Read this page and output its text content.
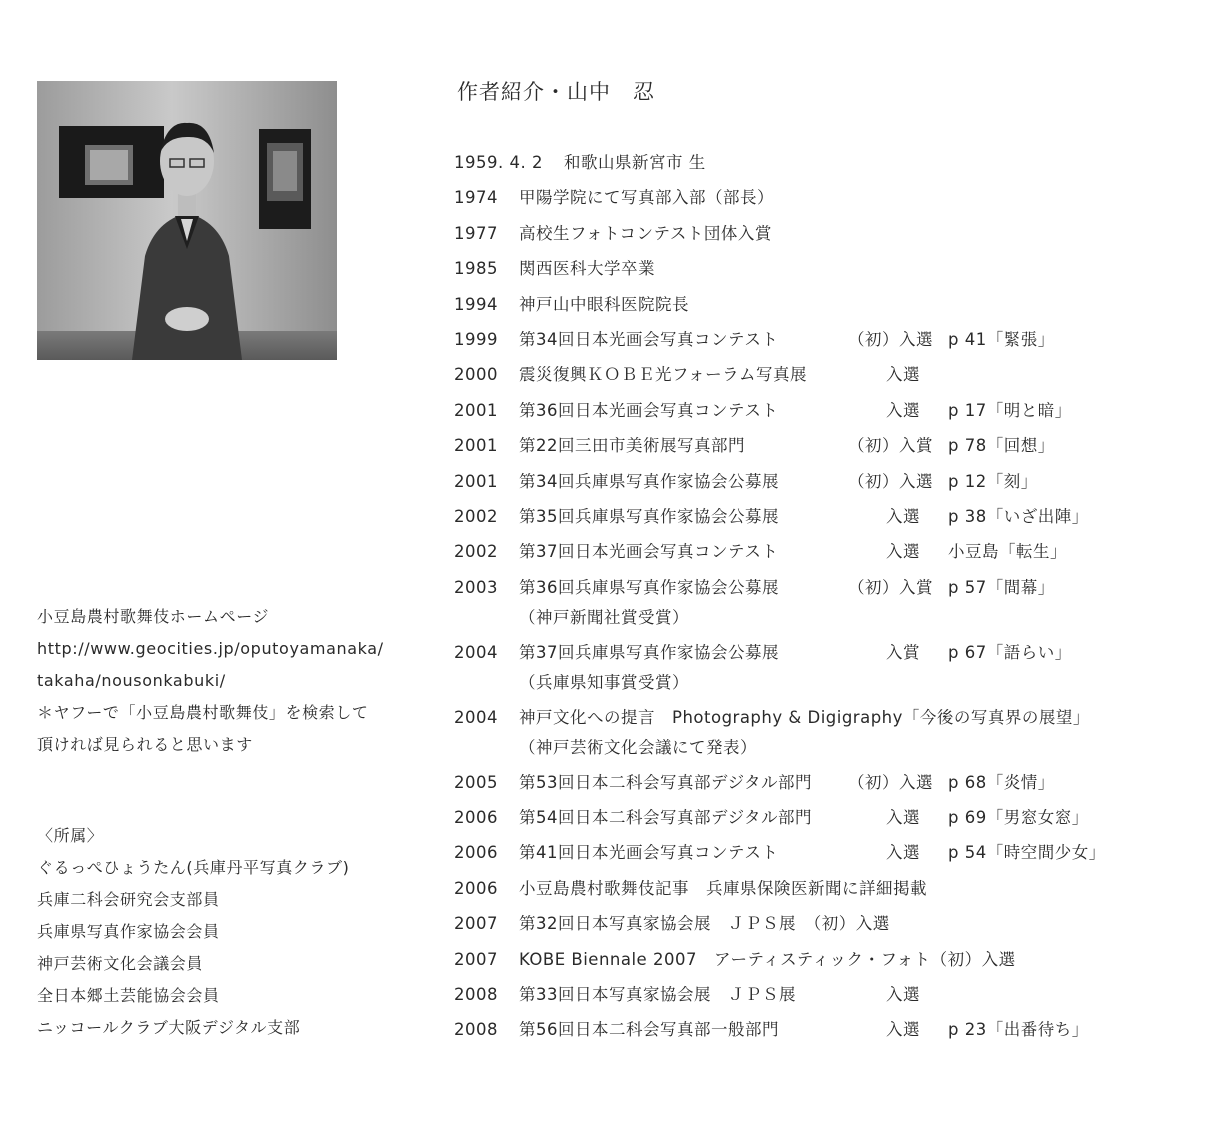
小豆島農村歌舞伎ホームページ
http://www.geocities.jp/oputoyamanaka/
takaha/nousonkabuki/
＊ヤフーで「小豆島農村歌舞伎」を検索して
頂ければ見られると思います
〈所属〉
ぐるっぺひょうたん(兵庫丹平写真クラブ)
兵庫二科会研究会支部員
兵庫県写真作家協会会員
神戸芸術文化会議会員
全日本郷土芸能協会会員
ニッコールクラブ大阪デジタル支部
作者紹介・山中　忍
1959. 4. 2 和歌山県新宮市 生
1974 甲陽学院にて写真部入部（部長）
1977 高校生フォトコンテスト団体入賞
1985 関西医科大学卒業
1994 神戸山中眼科医院院長
1999 第34回日本光画会写真コンテスト	（初）入選 p 41「緊張」
2000 震災復興ＫＯＢＥ光フォーラム写真展	入選
2001 第36回日本光画会写真コンテスト	入選 p 17「明と暗」
2001 第22回三田市美術展写真部門	（初）入賞 p 78「回想」
2001 第34回兵庫県写真作家協会公募展	（初）入選 p 12「刻」
2002 第35回兵庫県写真作家協会公募展	入選 p 38「いざ出陣」
2002 第37回日本光画会写真コンテスト	入選 小豆島「転生」
2003 第36回兵庫県写真作家協会公募展	（初）入賞 p 57「間幕」
（神戸新聞社賞受賞）
2004 第37回兵庫県写真作家協会公募展	入賞 p 67「語らい」
（兵庫県知事賞受賞）
2004 神戸文化への提言　Photography & Digigraphy「今後の写真界の展望」
（神戸芸術文化会議にて発表）
2005 第53回日本二科会写真部デジタル部門 （初）入選 p 68「炎情」
2006 第54回日本二科会写真部デジタル部門	入選 p 69「男窓女窓」
2006 第41回日本光画会写真コンテスト	入選 p 54「時空間少女」
2006 小豆島農村歌舞伎記事　兵庫県保険医新聞に詳細掲載
2007 第32回日本写真家協会展　ＪＰＳ展　（初）入選
2007 KOBE Biennale 2007　アーティスティック・フォト（初）入選
2008 第33回日本写真家協会展　ＪＰＳ展	入選
2008 第56回日本二科会写真部一般部門	入選 p 23「出番待ち」
